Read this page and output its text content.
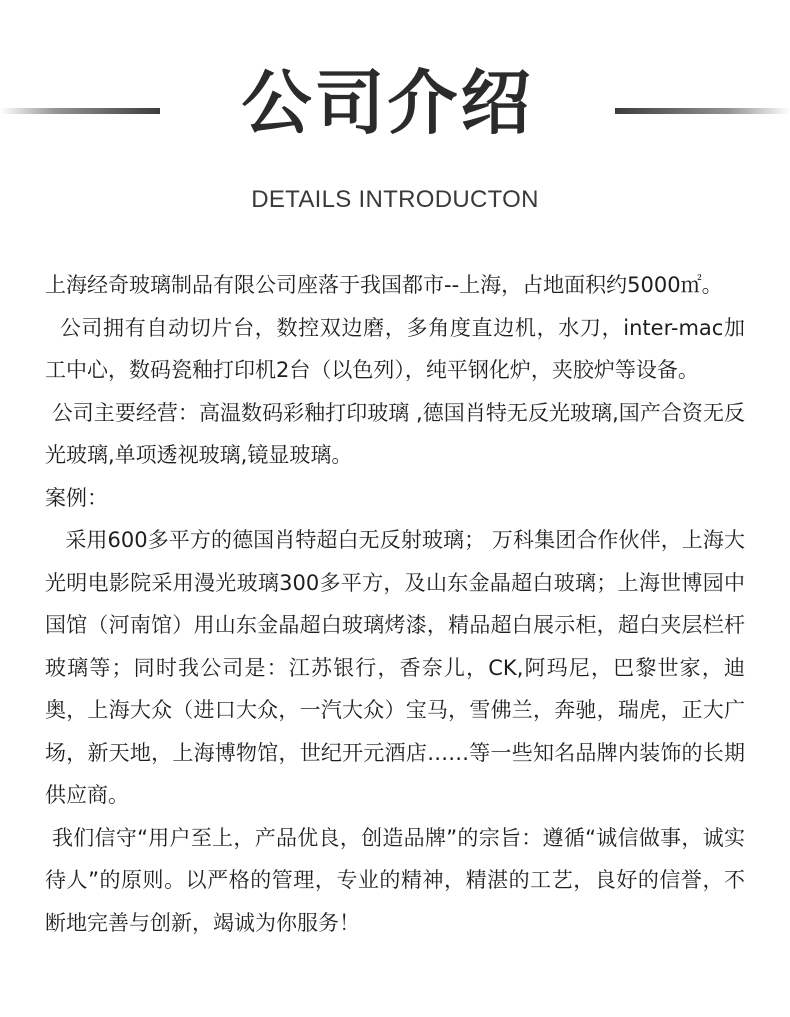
公司介绍
DETAILS INTRODUCTON

上海经奇玻璃制品有限公司座落于我国都市--上海，占地面积约5000㎡。

公司拥有自动切片台，数控双边磨，多角度直边机，水刀，inter-mac加工中心，数码瓷釉打印机2台（以色列），纯平钢化炉，夹胶炉等设备。

公司主要经营：高温数码彩釉打印玻璃 ,德国肖特无反光玻璃,国产合资无反光玻璃,单项透视玻璃,镜显玻璃。

案例：

采用600多平方的德国肖特超白无反射玻璃； 万科集团合作伙伴，上海大光明电影院采用漫光玻璃300多平方，及山东金晶超白玻璃；上海世博园中国馆（河南馆）用山东金晶超白玻璃烤漆，精品超白展示柜，超白夹层栏杆玻璃等；同时我公司是：江苏银行，香奈儿，CK,阿玛尼，巴黎世家，迪奥，上海大众（进口大众，一汽大众）宝马，雪佛兰，奔驰，瑞虎，正大广场，新天地，上海博物馆，世纪开元酒店……等一些知名品牌内装饰的长期供应商。

我们信守“用户至上，产品优良，创造品牌”的宗旨：遵循“诚信做事，诚实待人”的原则。以严格的管理，专业的精神，精湛的工艺，良好的信誉，不断地完善与创新，竭诚为你服务！
